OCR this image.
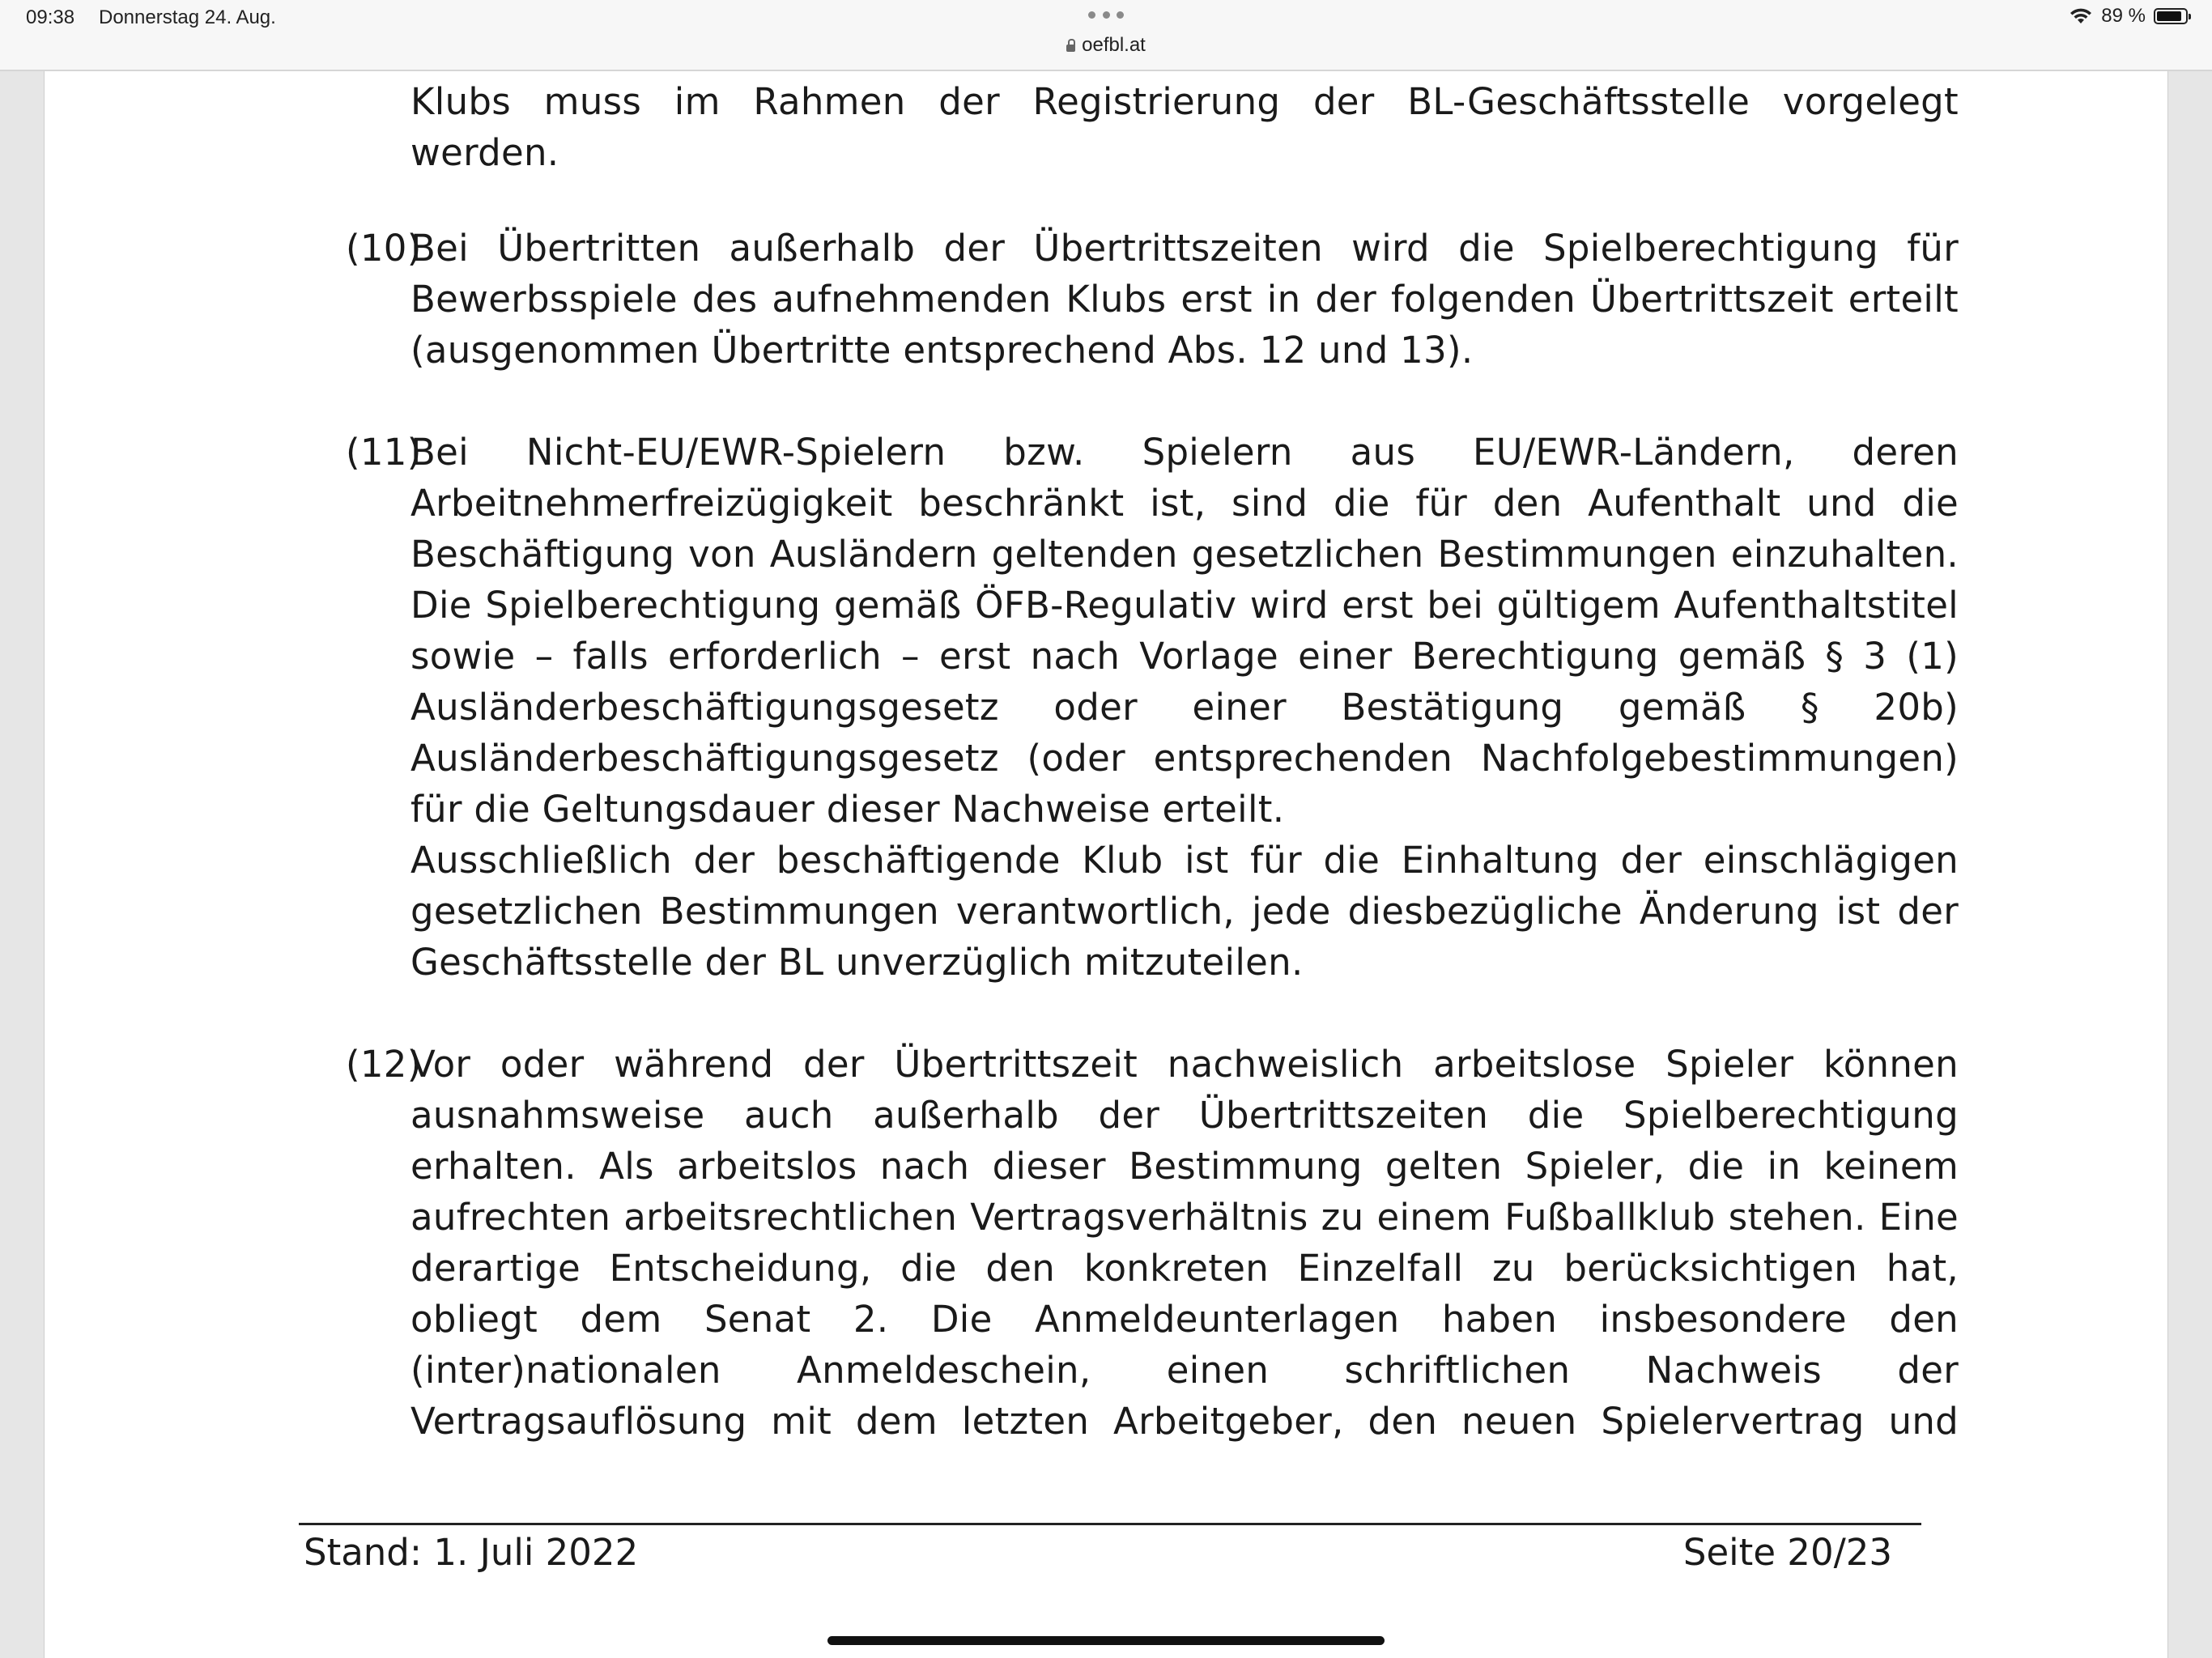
09:38 Donnerstag 24. Aug.
oefbl.at
89 %
Klubs muss im Rahmen der Registrierung der BL-Geschäftsstelle vorgelegt
werden.
(10)
Bei Übertritten außerhalb der Übertrittszeiten wird die Spielberechtigung für Bewerbsspiele des aufnehmenden Klubs erst in der folgenden Übertrittszeit erteilt (ausgenommen Übertritte entsprechend Abs. 12 und 13).
(11)
Bei Nicht-EU/EWR-Spielern bzw. Spielern aus EU/EWR-Ländern, deren Arbeitnehmerfreizügigkeit beschränkt ist, sind die für den Aufenthalt und die Beschäftigung von Ausländern geltenden gesetzlichen Bestimmungen einzuhalten. Die Spielberechtigung gemäß ÖFB-Regulativ wird erst bei gültigem Aufenthaltstitel sowie – falls erforderlich – erst nach Vorlage einer Berechtigung gemäß § 3 (1) Ausländerbeschäftigungsgesetz oder einer Bestätigung gemäß § 20b) Ausländerbeschäftigungsgesetz (oder entsprechenden Nachfolgebestimmungen) für die Geltungsdauer dieser Nachweise erteilt.
Ausschließlich der beschäftigende Klub ist für die Einhaltung der einschlägigen gesetzlichen Bestimmungen verantwortlich, jede diesbezügliche Änderung ist der Geschäftsstelle der BL unverzüglich mitzuteilen.
(12)
Vor oder während der Übertrittszeit nachweislich arbeitslose Spieler können ausnahmsweise auch außerhalb der Übertrittszeiten die Spielberechtigung erhalten. Als arbeitslos nach dieser Bestimmung gelten Spieler, die in keinem aufrechten arbeitsrechtlichen Vertragsverhältnis zu einem Fußballklub stehen. Eine derartige Entscheidung, die den konkreten Einzelfall zu berücksichtigen hat, obliegt dem Senat 2. Die Anmeldeunterlagen haben insbesondere den (inter)nationalen Anmeldeschein, einen schriftlichen Nachweis der Vertragsauflösung mit dem letzten Arbeitgeber, den neuen Spielervertrag und
Stand: 1. Juli 2022	Seite 20/23
